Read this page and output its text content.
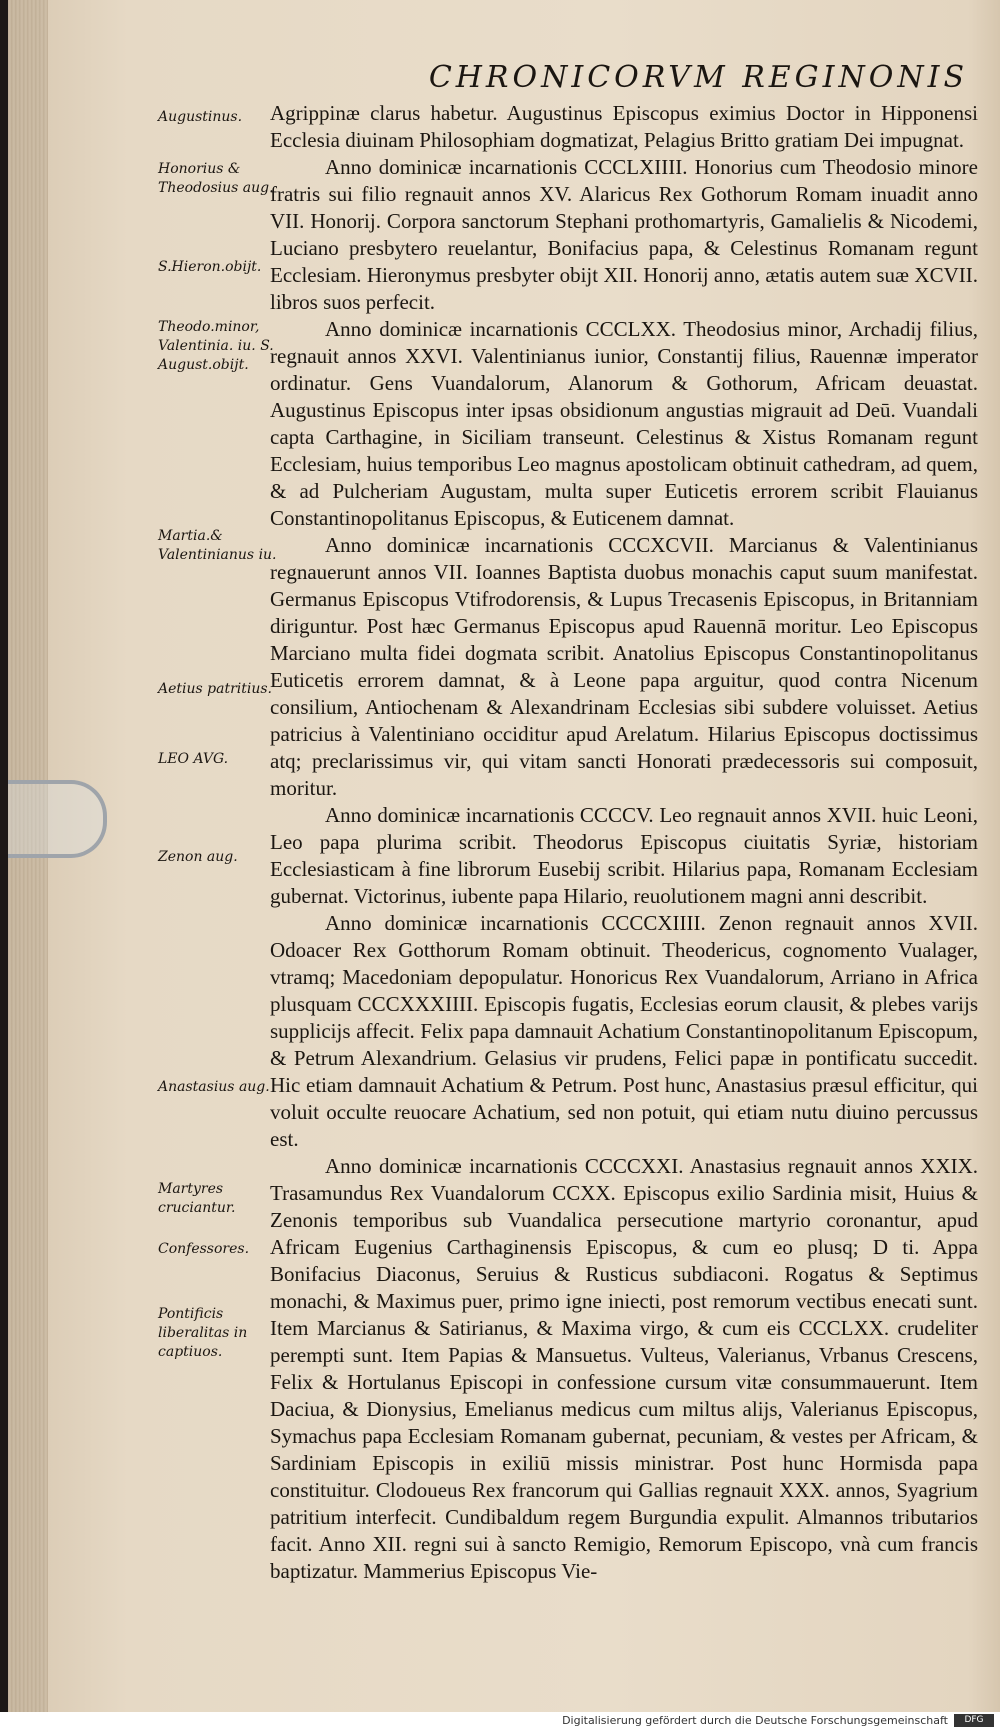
CHRONICORVM REGINONIS
Augustinus.
Honorius & Theodosius aug.
S.Hieron.obijt.
Theodo.minor, Valentinia. iu. S. August.obijt.
Martia.& Valentinianus iu.
Aetius patritius.
LEO AVG.
Zenon aug.
Anastasius aug.
Martyres cruciantur.
Confessores.
Pontificis liberalitas in captiuos.

Agrippinæ clarus habetur. Augustinus Episcopus eximius Doctor in Hipponensi Ecclesia diuinam Philosophiam dogmatizat, Pelagius Britto gratiam Dei impugnat.

Anno dominicæ incarnationis CCCLXIIII. Honorius cum Theodosio minore fratris sui filio regnauit annos XV. Alaricus Rex Gothorum Romam inuadit anno VII. Honorij. Corpora sanctorum Stephani prothomartyris, Gamalielis & Nicodemi, Luciano presbytero reuelantur, Bonifacius papa, & Celestinus Romanam regunt Ecclesiam. Hieronymus presbyter obijt XII. Honorij anno, ætatis autem suæ XCVII. libros suos perfecit.

Anno dominicæ incarnationis CCCLXX. Theodosius minor, Archadij filius, regnauit annos XXVI. Valentinianus iunior, Constantij filius, Rauennæ imperator ordinatur. Gens Vuandalorum, Alanorum & Gothorum, Africam deuastat. Augustinus Episcopus inter ipsas obsidionum angustias migrauit ad Deū. Vuandali capta Carthagine, in Siciliam transeunt. Celestinus & Xistus Romanam regunt Ecclesiam, huius temporibus Leo magnus apostolicam obtinuit cathedram, ad quem, & ad Pulcheriam Augustam, multa super Euticetis errorem scribit Flauianus Constantinopolitanus Episcopus, & Euticenem damnat.

Anno dominicæ incarnationis CCCXCVII. Marcianus & Valentinianus regnauerunt annos VII. Ioannes Baptista duobus monachis caput suum manifestat. Germanus Episcopus Vtifrodorensis, & Lupus Trecasenis Episcopus, in Britanniam diriguntur. Post hæc Germanus Episcopus apud Rauennā moritur. Leo Episcopus Marciano multa fidei dogmata scribit. Anatolius Episcopus Constantinopolitanus Euticetis errorem damnat, & à Leone papa arguitur, quod contra Nicenum consilium, Antiochenam & Alexandrinam Ecclesias sibi subdere voluisset. Aetius patricius à Valentiniano occiditur apud Arelatum. Hilarius Episcopus doctissimus atq; preclarissimus vir, qui vitam sancti Honorati prædecessoris sui composuit, moritur.

Anno dominicæ incarnationis CCCCV. Leo regnauit annos XVII. huic Leoni, Leo papa plurima scribit. Theodorus Episcopus ciuitatis Syriæ, historiam Ecclesiasticam à fine librorum Eusebij scribit. Hilarius papa, Romanam Ecclesiam gubernat. Victorinus, iubente papa Hilario, reuolutionem magni anni describit.

Anno dominicæ incarnationis CCCCXIIII. Zenon regnauit annos XVII. Odoacer Rex Gotthorum Romam obtinuit. Theodericus, cognomento Vualager, vtramq; Macedoniam depopulatur. Honoricus Rex Vuandalorum, Arriano in Africa plusquam CCCXXXIIII. Episcopis fugatis, Ecclesias eorum clausit, & plebes varijs supplicijs affecit. Felix papa damnauit Achatium Constantinopolitanum Episcopum, & Petrum Alexandrium. Gelasius vir prudens, Felici papæ in pontificatu succedit. Hic etiam damnauit Achatium & Petrum. Post hunc, Anastasius præsul efficitur, qui voluit occulte reuocare Achatium, sed non potuit, qui etiam nutu diuino percussus est.

Anno dominicæ incarnationis CCCCXXI. Anastasius regnauit annos XXIX. Trasamundus Rex Vuandalorum CCXX. Episcopus exilio Sardinia misit, Huius & Zenonis temporibus sub Vuandalica persecutione martyrio coronantur, apud Africam Eugenius Carthaginensis Episcopus, & cum eo plusq; D ti. Appa Bonifacius Diaconus, Seruius & Rusticus subdiaconi. Rogatus & Septimus monachi, & Maximus puer, primo igne iniecti, post remorum vectibus enecati sunt. Item Marcianus & Satirianus, & Maxima virgo, & cum eis CCCLXX. crudeliter perempti sunt. Item Papias & Mansuetus. Vulteus, Valerianus, Vrbanus Crescens, Felix & Hortulanus Episcopi in confessione cursum vitæ consummauerunt. Item Daciua, & Dionysius, Emelianus medicus cum miltus alijs, Valerianus Episcopus, Symachus papa Ecclesiam Romanam gubernat, pecuniam, & vestes per Africam, & Sardiniam Episcopis in exiliū missis ministrar. Post hunc Hormisda papa constituitur. Clodoueus Rex francorum qui Gallias regnauit XXX. annos, Syagrium patritium interfecit. Cundibaldum regem Burgundia expulit. Almannos tributarios facit. Anno XII. regni sui à sancto Remigio, Remorum Episcopo, vnà cum francis baptizatur. Mammerius Episcopus Vie-

Digitalisierung gefördert durch die Deutsche Forschungsgemeinschaft	DFG
